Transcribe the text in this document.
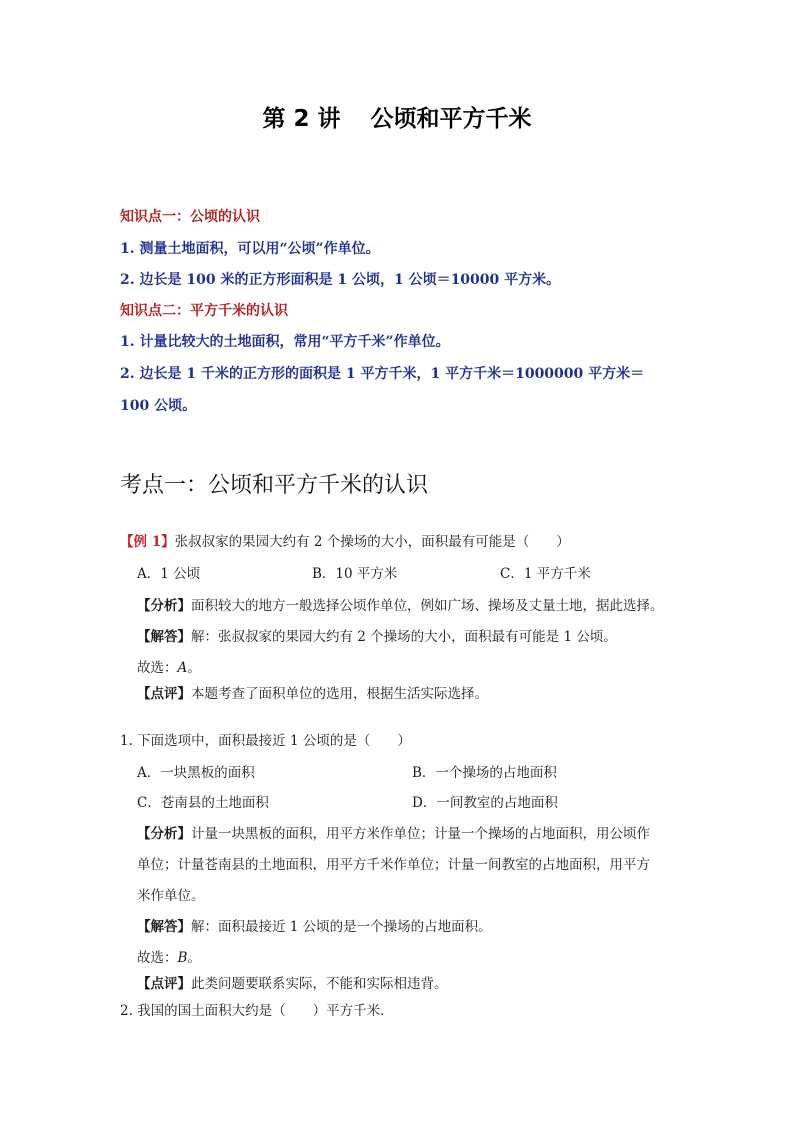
第 2 讲 公顷和平方千米
知识点一：公顷的认识
1. 测量土地面积，可以用“公顷”作单位。
2. 边长是 100 米的正方形面积是 1 公顷，1 公顷＝10000 平方米。
知识点二：平方千米的认识
1. 计量比较大的土地面积，常用“平方千米”作单位。
2. 边长是 1 千米的正方形的面积是 1 平方千米，1 平方千米＝1000000 平方米＝
100 公顷。
考点一：公顷和平方千米的认识
【例 1】张叔叔家的果园大约有 2 个操场的大小，面积最有可能是（　　）
A．1 公顷	B．10 平方米	C．1 平方千米
【分析】面积较大的地方一般选择公顷作单位，例如广场、操场及丈量土地，据此选择。
【解答】解：张叔叔家的果园大约有 2 个操场的大小，面积最有可能是 1 公顷。
故选：A。
【点评】本题考查了面积单位的选用，根据生活实际选择。
1. 下面选项中，面积最接近 1 公顷的是（　　）
A．一块黑板的面积	B．一个操场的占地面积
C．苍南县的土地面积	D．一间教室的占地面积
【分析】计量一块黑板的面积，用平方米作单位；计量一个操场的占地面积，用公顷作
单位；计量苍南县的土地面积，用平方千米作单位；计量一间教室的占地面积，用平方
米作单位。
【解答】解：面积最接近 1 公顷的是一个操场的占地面积。
故选：B。
【点评】此类问题要联系实际，不能和实际相违背。
2. 我国的国土面积大约是（　　）平方千米．
